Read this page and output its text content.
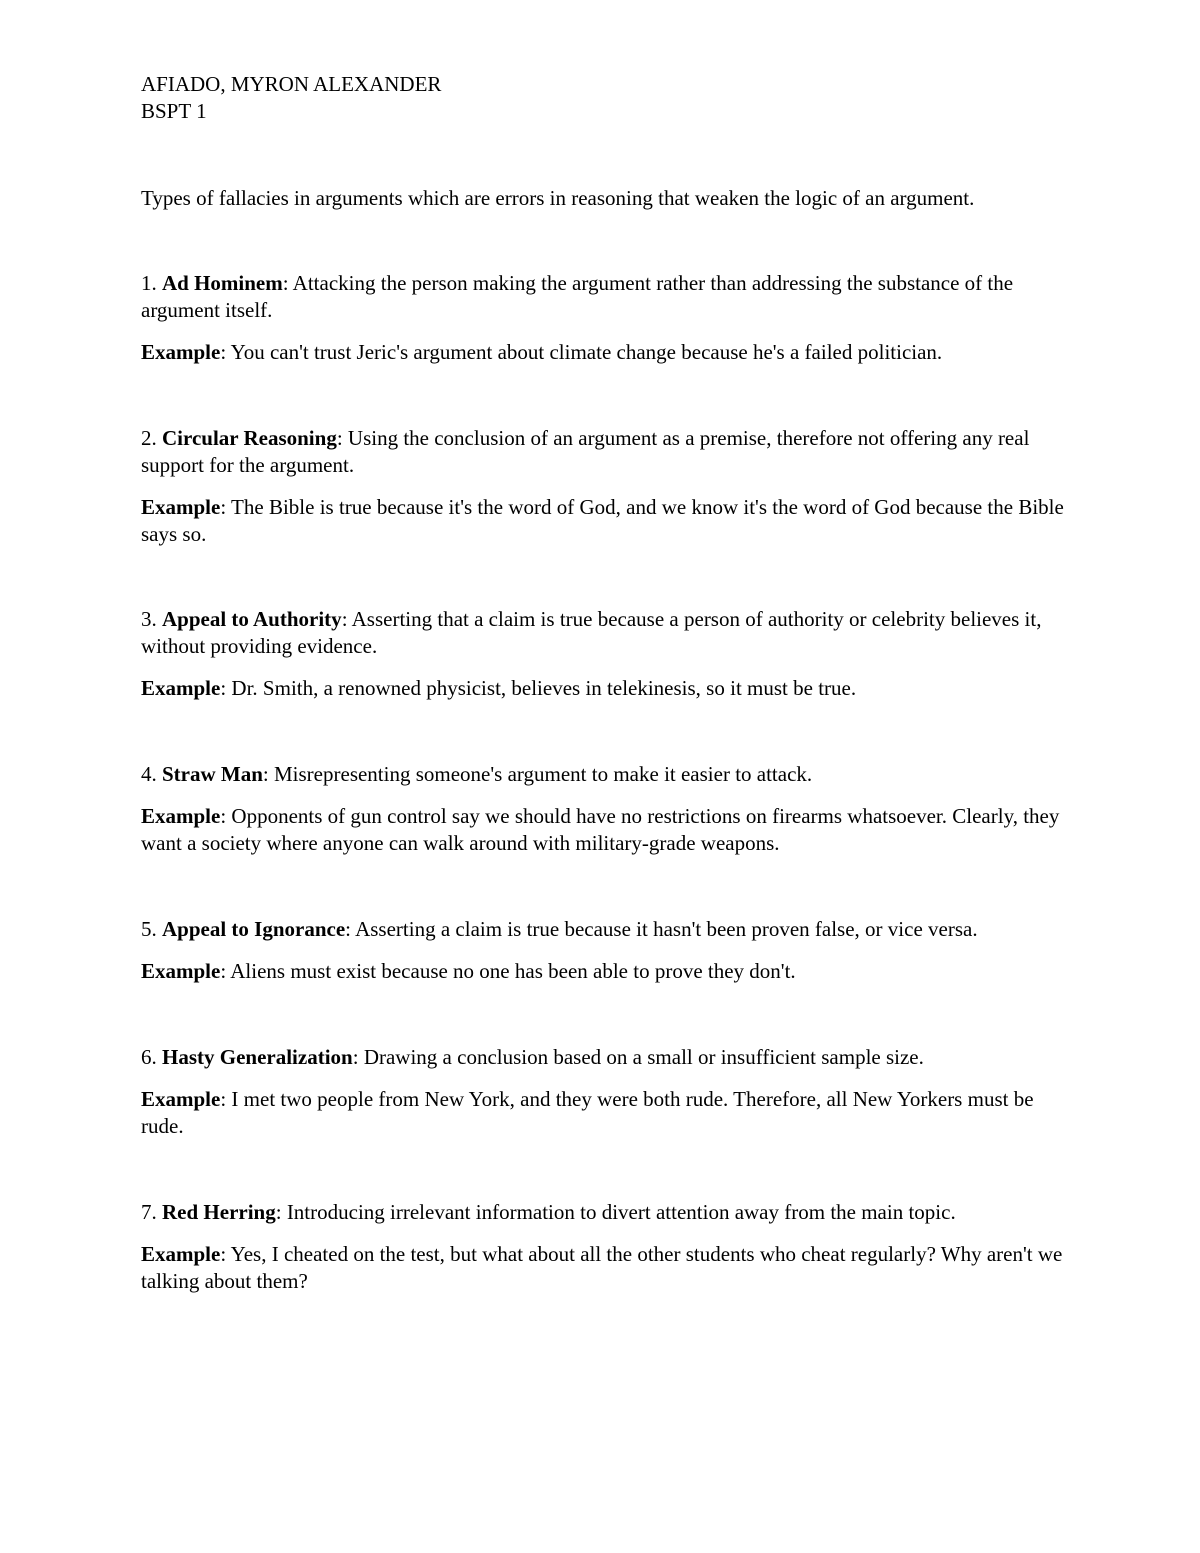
AFIADO, MYRON ALEXANDER

BSPT 1

Types of fallacies in arguments which are errors in reasoning that weaken the logic of an argument.

1. Ad Hominem: Attacking the person making the argument rather than addressing the substance of the argument itself.

Example: You can't trust Jeric's argument about climate change because he's a failed politician.

2. Circular Reasoning: Using the conclusion of an argument as a premise, therefore not offering any real support for the argument.

Example: The Bible is true because it's the word of God, and we know it's the word of God because the Bible says so.

3. Appeal to Authority: Asserting that a claim is true because a person of authority or celebrity believes it, without providing evidence.

Example: Dr. Smith, a renowned physicist, believes in telekinesis, so it must be true.

4. Straw Man: Misrepresenting someone's argument to make it easier to attack.

Example: Opponents of gun control say we should have no restrictions on firearms whatsoever. Clearly, they want a society where anyone can walk around with military-grade weapons.

5. Appeal to Ignorance: Asserting a claim is true because it hasn't been proven false, or vice versa.

Example: Aliens must exist because no one has been able to prove they don't.

6. Hasty Generalization: Drawing a conclusion based on a small or insufficient sample size.

Example: I met two people from New York, and they were both rude. Therefore, all New Yorkers must be rude.

7. Red Herring: Introducing irrelevant information to divert attention away from the main topic.

Example: Yes, I cheated on the test, but what about all the other students who cheat regularly? Why aren't we talking about them?
